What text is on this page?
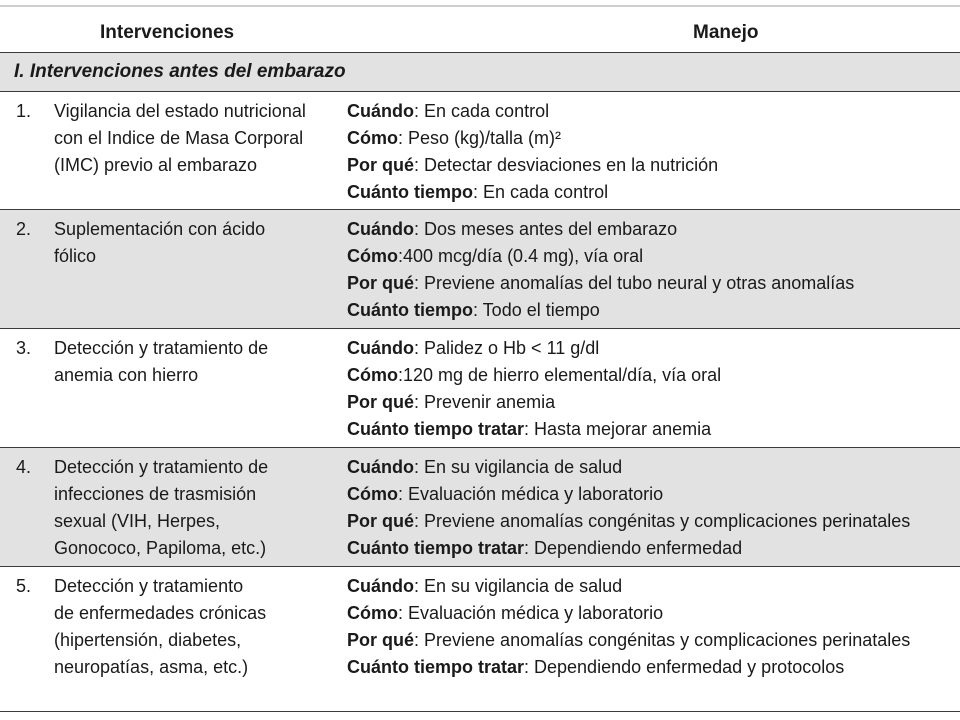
Intervenciones	Manejo
I. Intervenciones antes del embarazo
1. Vigilancia del estado nutricional
con el Indice de Masa Corporal
(IMC) previo al embarazo
Cuándo: En cada control
Cómo: Peso (kg)/talla (m)²
Por qué: Detectar desviaciones en la nutrición
Cuánto tiempo: En cada control
2. Suplementación con ácido
fólico
Cuándo: Dos meses antes del embarazo
Cómo:400 mcg/día (0.4 mg), vía oral
Por qué: Previene anomalías del tubo neural y otras anomalías
Cuánto tiempo: Todo el tiempo
3. Detección y tratamiento de
anemia con hierro
Cuándo: Palidez o Hb < 11 g/dl
Cómo:120 mg de hierro elemental/día, vía oral
Por qué: Prevenir anemia
Cuánto tiempo tratar: Hasta mejorar anemia
4. Detección y tratamiento de
infecciones de trasmisión
sexual (VIH, Herpes,
Gonococo, Papiloma, etc.)
Cuándo: En su vigilancia de salud
Cómo: Evaluación médica y laboratorio
Por qué: Previene anomalías congénitas y complicaciones perinatales
Cuánto tiempo tratar: Dependiendo enfermedad
5. Detección y tratamiento
de enfermedades crónicas
(hipertensión, diabetes,
neuropatías, asma, etc.)
Cuándo: En su vigilancia de salud
Cómo: Evaluación médica y laboratorio
Por qué: Previene anomalías congénitas y complicaciones perinatales
Cuánto tiempo tratar: Dependiendo enfermedad y protocolos
